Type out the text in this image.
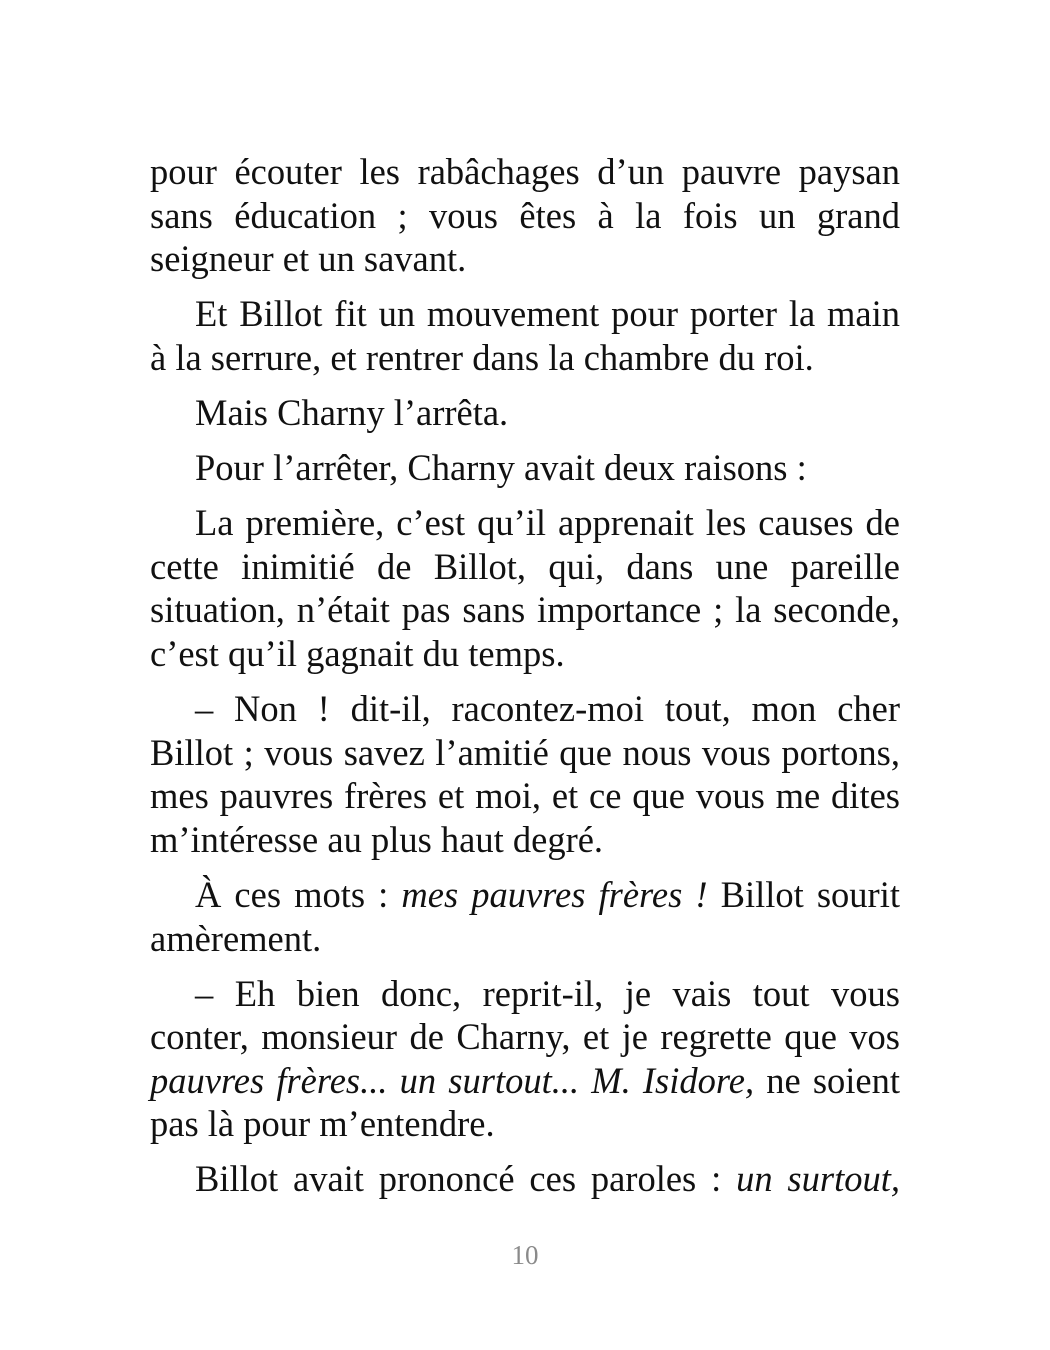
pour écouter les rabâchages d’un pauvre paysan sans éducation ; vous êtes à la fois un grand seigneur et un savant.

Et Billot fit un mouvement pour porter la main à la serrure, et rentrer dans la chambre du roi.

Mais Charny l’arrêta.

Pour l’arrêter, Charny avait deux raisons :

La première, c’est qu’il apprenait les causes de cette inimitié de Billot, qui, dans une pareille situation, n’était pas sans importance ; la seconde, c’est qu’il gagnait du temps.

– Non ! dit-il, racontez-moi tout, mon cher Billot ; vous savez l’amitié que nous vous portons, mes pauvres frères et moi, et ce que vous me dites m’intéresse au plus haut degré.

À ces mots : mes pauvres frères ! Billot sourit amèrement.

– Eh bien donc, reprit-il, je vais tout vous conter, monsieur de Charny, et je regrette que vos pauvres frères... un surtout... M. Isidore, ne soient pas là pour m’entendre.

Billot avait prononcé ces paroles : un surtout,

10
